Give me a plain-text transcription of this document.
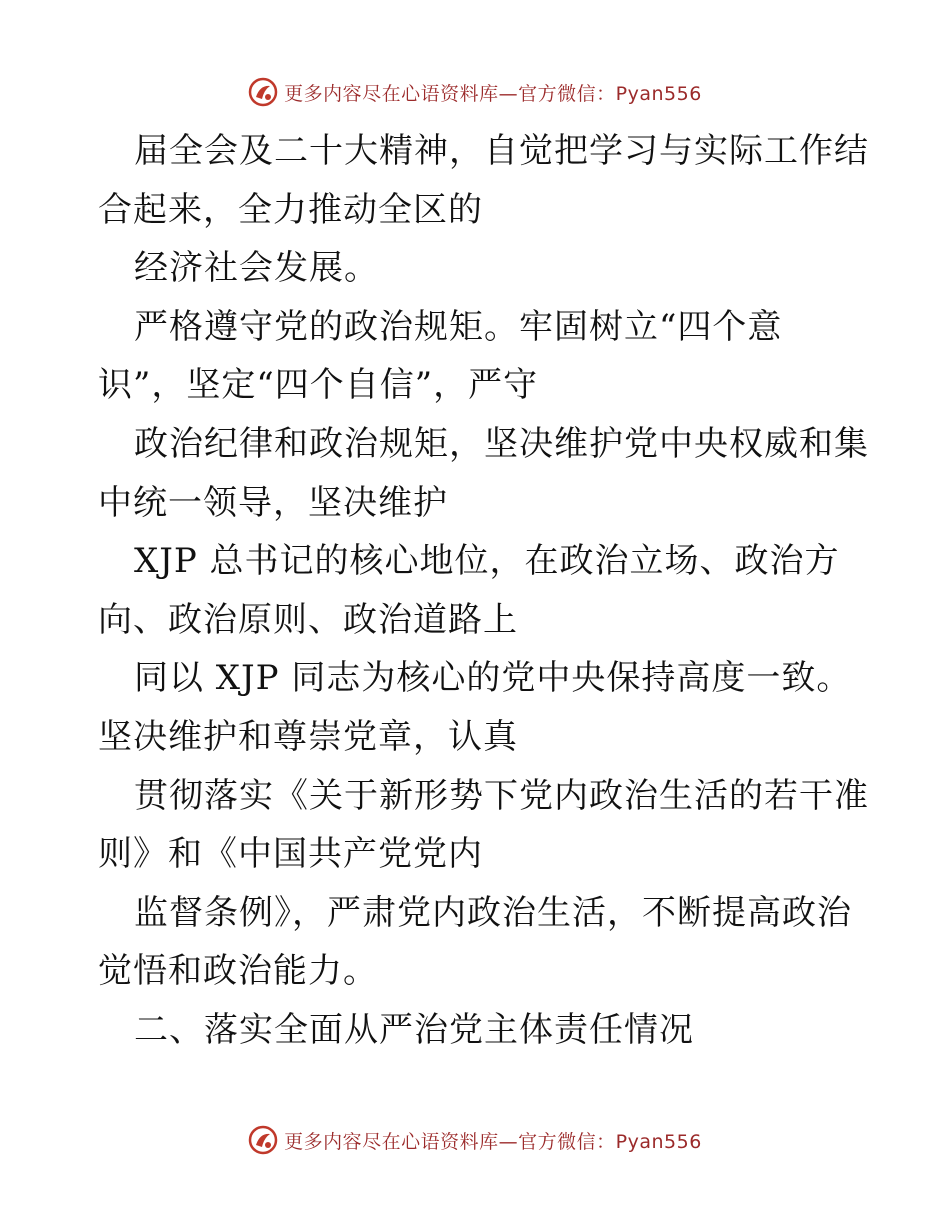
更多内容尽在心语资料库—官方微信：Pyan556
届全会及二十大精神，自觉把学习与实际工作结
合起来，全力推动全区的
经济社会发展。
严格遵守党的政治规矩。牢固树立“四个意
识”，坚定“四个自信”，严守
政治纪律和政治规矩，坚决维护党中央权威和集
中统一领导，坚决维护
XJP 总书记的核心地位，在政治立场、政治方
向、政治原则、政治道路上
同以 XJP 同志为核心的党中央保持高度一致。
坚决维护和尊崇党章，认真
贯彻落实《关于新形势下党内政治生活的若干准
则》和《中国共产党党内
监督条例》，严肃党内政治生活，不断提高政治
觉悟和政治能力。
二、落实全面从严治党主体责任情况
更多内容尽在心语资料库—官方微信：Pyan556
